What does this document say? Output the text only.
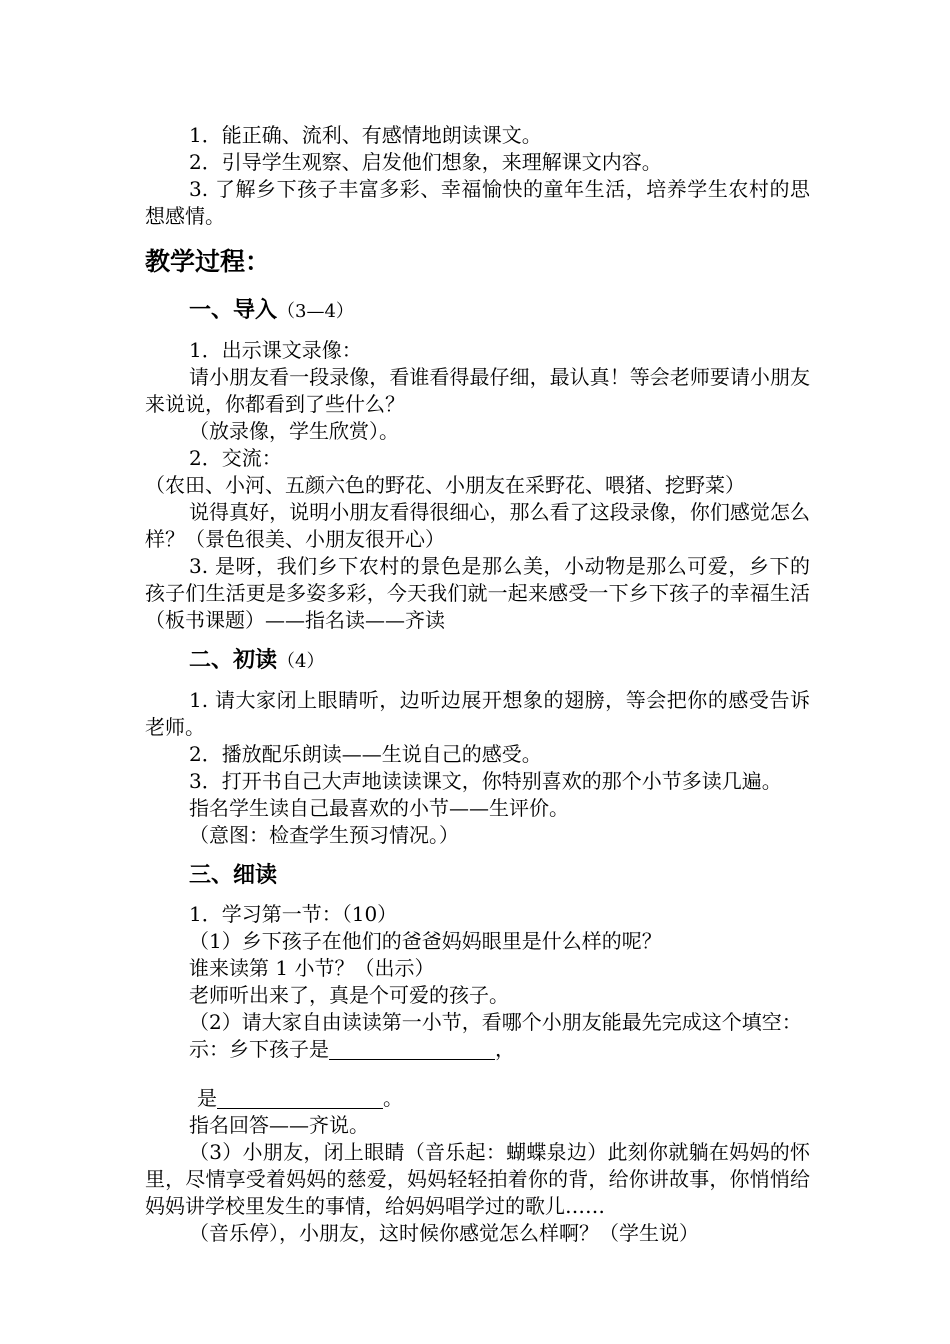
1．能正确、流利、有感情地朗读课文。

2．引导学生观察、启发他们想象，来理解课文内容。

3. 了解乡下孩子丰富多彩、幸福愉快的童年生活，培养学生农村的思想感情。

教学过程：
一、导入（3—4）

1．出示课文录像：

请小朋友看一段录像，看谁看得最仔细，最认真！等会老师要请小朋友来说说，你都看到了些什么？

（放录像，学生欣赏）。

2．交流：

（农田、小河、五颜六色的野花、小朋友在采野花、喂猪、挖野菜）

说得真好，说明小朋友看得很细心，那么看了这段录像，你们感觉怎么样？（景色很美、小朋友很开心）

3. 是呀，我们乡下农村的景色是那么美，小动物是那么可爱，乡下的孩子们生活更是多姿多彩，今天我们就一起来感受一下乡下孩子的幸福生活（板书课题）——指名读——齐读

二、初读（4）

1. 请大家闭上眼睛听，边听边展开想象的翅膀，等会把你的感受告诉老师。

2．播放配乐朗读——生说自己的感受。

3．打开书自己大声地读读课文，你特别喜欢的那个小节多读几遍。

指名学生读自己最喜欢的小节——生评价。

（意图：检查学生预习情况。）

三、细读

1．学习第一节：（10）

（1）乡下孩子在他们的爸爸妈妈眼里是什么样的呢？

谁来读第 1 小节？（出示）

老师听出来了，真是个可爱的孩子。

（2）请大家自由读读第一小节，看哪个小朋友能最先完成这个填空：

示：乡下孩子是	，

是	。

指名回答——齐说。

（3）小朋友，闭上眼睛（音乐起：蝴蝶泉边）此刻你就躺在妈妈的怀里，尽情享受着妈妈的慈爱，妈妈轻轻拍着你的背，给你讲故事，你悄悄给妈妈讲学校里发生的事情，给妈妈唱学过的歌儿……

（音乐停），小朋友，这时候你感觉怎么样啊？（学生说）
